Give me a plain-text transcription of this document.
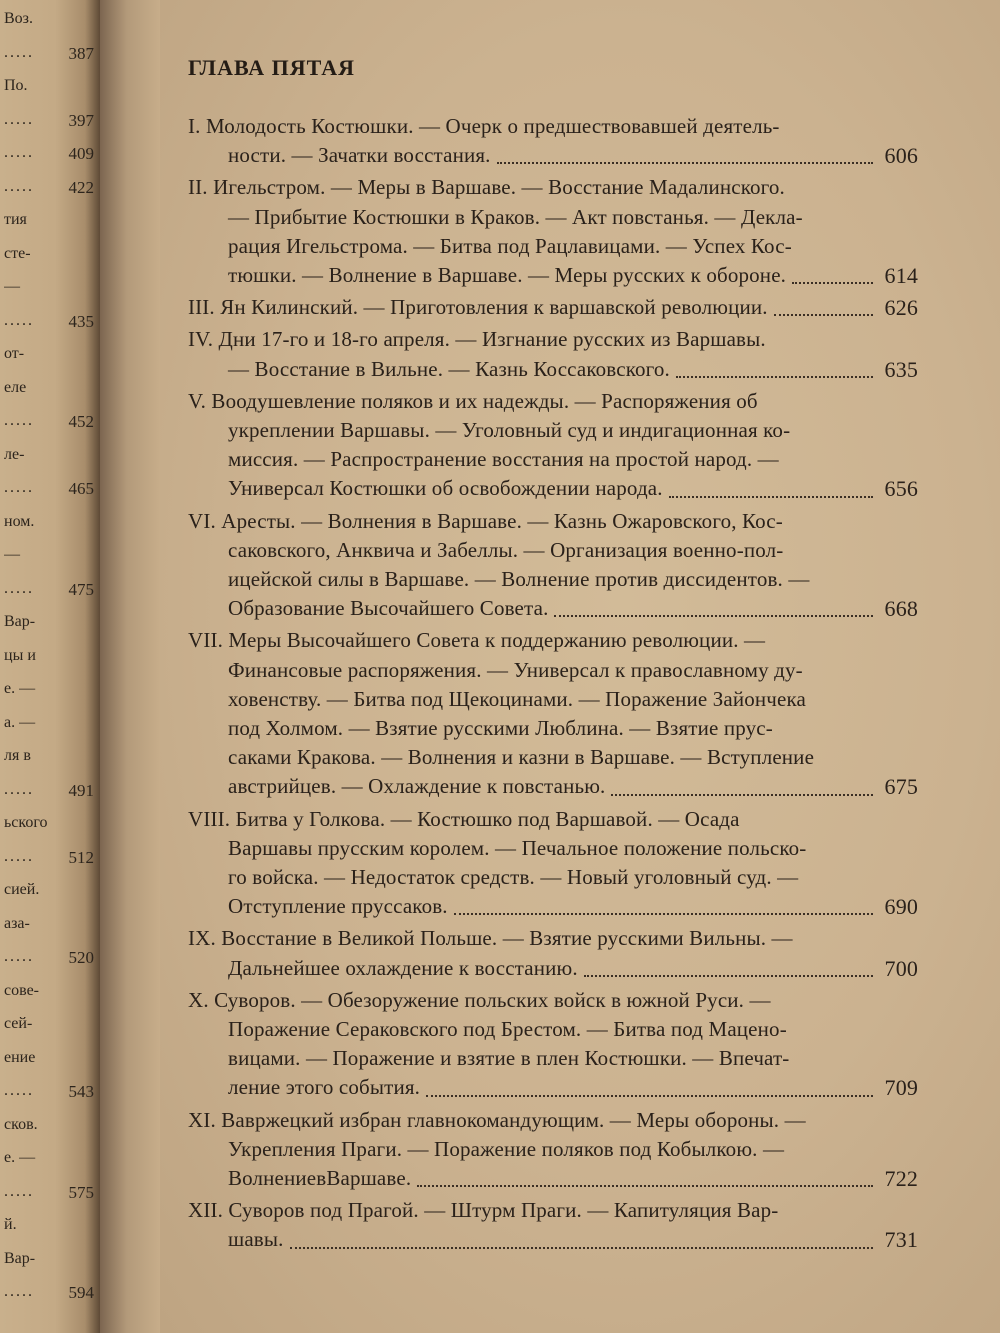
Воз.
..... 387
По.
..... 397
..... 409
..... 422
тия
сте-
—
..... 435
от-
еле
..... 452
ле-
..... 465
ном.
—
..... 475
Вар-
цы и
е. —
а. —
ля в
..... 491
ьского
..... 512
сией.
аза-
..... 520
сове-
сей-
ение
..... 543
сков.
е. —
..... 575
й.
Вар-
..... 594
ГЛАВА ПЯТАЯ
I. Молодость Костюшки. — Очерк о предшествовавшей деятель-
ности. — Зачатки восстания.	606
II. Игельстром. — Меры в Варшаве. — Восстание Мадалинского.
— Прибытие Костюшки в Краков. — Акт повстанья. — Декла-
рация Игельстрома. — Битва под Рацлавицами. — Успех Кос-
тюшки. — Волнение в Варшаве. — Меры русских к обороне.	614
III. Ян Килинский. — Приготовления к варшавской революции.	626
IV. Дни 17-го и 18-го апреля. — Изгнание русских из Варшавы.
— Восстание в Вильне. — Казнь Коссаковского.	635
V. Воодушевление поляков и их надежды. — Распоряжения об
укреплении Варшавы. — Уголовный суд и индигационная ко-
миссия. — Распространение восстания на простой народ. —
Универсал Костюшки об освобождении народа.	656
VI. Аресты. — Волнения в Варшаве. — Казнь Ожаровского, Кос-
саковского, Анквича и Забеллы. — Организация военно-пол-
ицейской силы в Варшаве. — Волнение против диссидентов. —
Образование Высочайшего Совета.	668
VII. Меры Высочайшего Совета к поддержанию революции. —
Финансовые распоряжения. — Универсал к православному ду-
ховенству. — Битва под Щекоцинами. — Поражение Зайончека
под Холмом. — Взятие русскими Люблина. — Взятие прус-
саками Кракова. — Волнения и казни в Варшаве. — Вступление
австрийцев. — Охлаждение к повстанью.	675
VIII. Битва у Голкова. — Костюшко под Варшавой. — Осада
Варшавы прусским королем. — Печальное положение польско-
го войска. — Недостаток средств. — Новый уголовный суд. —
Отступление пруссаков.	690
IX. Восстание в Великой Польше. — Взятие русскими Вильны. —
Дальнейшее охлаждение к восстанию.	700
X. Суворов. — Обезоружение польских войск в южной Руси. —
Поражение Сераковского под Брестом. — Битва под Мацено-
вицами. — Поражение и взятие в плен Костюшки. — Впечат-
ление этого события.	709
XI. Вавржецкий избран главнокомандующим. — Меры обороны. —
Укрепления Праги. — Поражение поляков под Кобылкою. —
ВолнениевВаршаве.	722
XII. Суворов под Прагой. — Штурм Праги. — Капитуляция Вар-
шавы.	731
